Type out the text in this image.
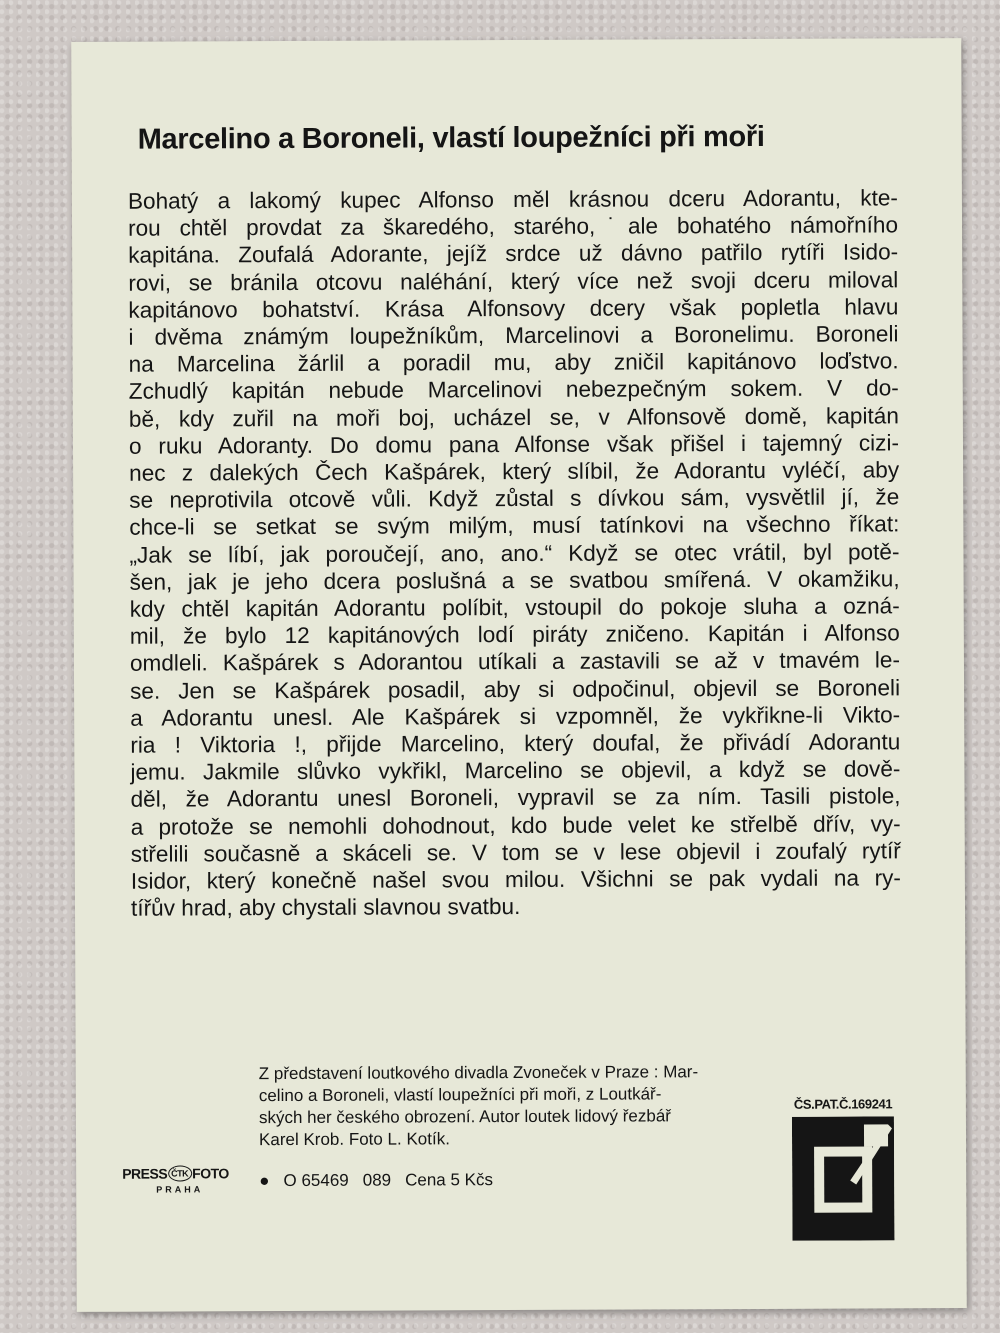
Marcelino a Boroneli, vlastí loupežníci při moři
Bohatý a lakomý kupec Alfonso měl krásnou dceru Adorantu, kte-
rou chtěl provdat za škaredého, starého,˙ale bohatého námořního
kapitána. Zoufalá Adorante, jejíž srdce už dávno patřilo rytíři Isido-
rovi, se bránila otcovu naléhání, který více než svoji dceru miloval
kapitánovo bohatství. Krása Alfonsovy dcery však popletla hlavu
i dvěma známým loupežníkům, Marcelinovi a Boronelimu. Boroneli
na Marcelina žárlil a poradil mu, aby zničil kapitánovo loďstvo.
Zchudlý kapitán nebude Marcelinovi nebezpečným sokem. V do-
bě, kdy zuřil na moři boj, ucházel se, v Alfonsově domě, kapitán
o ruku Adoranty. Do domu pana Alfonse však přišel i tajemný cizi-
nec z dalekých Čech Kašpárek, který slíbil, že Adorantu vyléčí, aby
se neprotivila otcově vůli. Když zůstal s dívkou sám, vysvětlil jí, že
chce-li se setkat se svým milým, musí tatínkovi na všechno říkat:
„Jak se líbí, jak poroučejí, ano, ano.“ Když se otec vrátil, byl potě-
šen, jak je jeho dcera poslušná a se svatbou smířená. V okamžiku,
kdy chtěl kapitán Adorantu políbit, vstoupil do pokoje sluha a ozná-
mil, že bylo 12 kapitánových lodí piráty zničeno. Kapitán i Alfonso
omdleli. Kašpárek s Adorantou utíkali a zastavili se až v tmavém le-
se. Jen se Kašpárek posadil, aby si odpočinul, objevil se Boroneli
a Adorantu unesl. Ale Kašpárek si vzpomněl, že vykřikne-li Vikto-
ria ! Viktoria !, přijde Marcelino, který doufal, že přivádí Adorantu
jemu. Jakmile slůvko vykřikl, Marcelino se objevil, a když se dově-
děl, že Adorantu unesl Boroneli, vypravil se za ním. Tasili pistole,
a protože se nemohli dohodnout, kdo bude velet ke střelbě dřív, vy-
střelili současně a skáceli se. V tom se v lese objevil i zoufalý rytíř
Isidor, který konečně našel svou milou. Všichni se pak vydali na ry-
tířův hrad, aby chystali slavnou svatbu.
Z představení loutkového divadla Zvoneček v Praze : Mar-
celino a Boroneli, vlastí loupežníci při moři, z Loutkář-
ských her českého obrození. Autor loutek lidový řezbář
Karel Krob. Foto L. Kotík.
● O 65469 089 Cena 5 Kčs
PRESS ČTK FOTO
PRAHA
ČS.PAT.Č.169241
